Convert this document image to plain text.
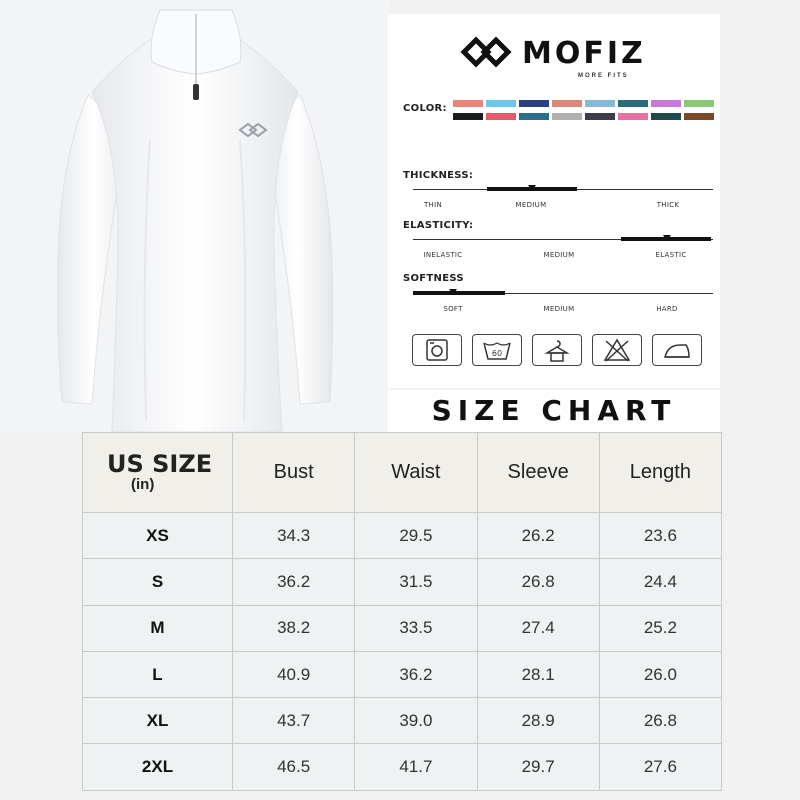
MOFIZ
MORE FITS
COLOR:
THICKNESS:
THIN	MEDIUM	THICK
ELASTICITY:
INELASTIC	MEDIUM	ELASTIC
SOFTNESS
SOFT	MEDIUM	HARD
60
SIZE CHART
US SIZE
(in)	Bust	Waist	Sleeve	Length
XS	34.3	29.5	26.2	23.6
S	36.2	31.5	26.8	24.4
M	38.2	33.5	27.4	25.2
L	40.9	36.2	28.1	26.0
XL	43.7	39.0	28.9	26.8
2XL	46.5	41.7	29.7	27.6
